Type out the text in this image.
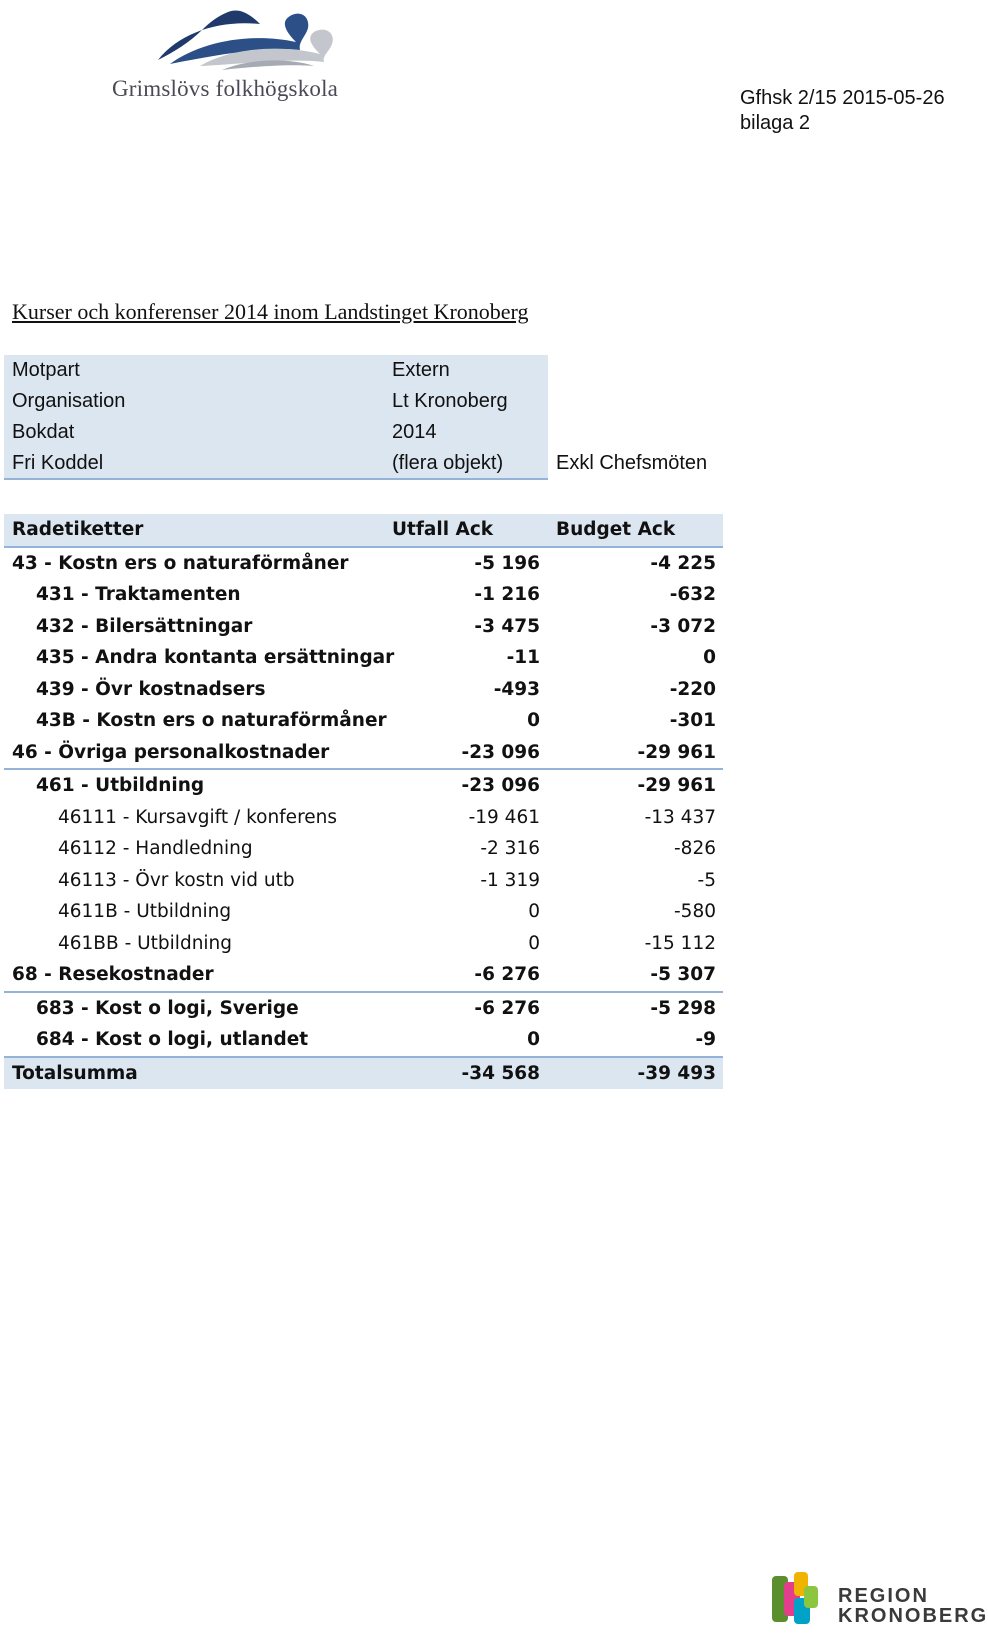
Grimslövs folkhögskola	Gfhsk 2/15 2015-05-26
bilaga 2
Kurser och konferenser 2014 inom Landstinget Kronoberg
Motpart	Extern
Organisation	Lt Kronoberg
Bokdat	2014
Fri Koddel	(flera objekt)	Exkl Chefsmöten
Radetiketter	Utfall Ack	Budget Ack
43 - Kostn ers o naturaförmåner	-5 196	-4 225
431 - Traktamenten	-1 216	-632
432 - Bilersättningar	-3 475	-3 072
435 - Andra kontanta ersättningar	-11	0
439 - Övr kostnadsers	-493	-220
43B - Kostn ers o naturaförmåner	0	-301
46 - Övriga personalkostnader	-23 096	-29 961
461 - Utbildning	-23 096	-29 961
46111 - Kursavgift / konferens	-19 461	-13 437
46112 - Handledning	-2 316	-826
46113 - Övr kostn vid utb	-1 319	-5
4611B - Utbildning	0	-580
461BB - Utbildning	0	-15 112
68 - Resekostnader	-6 276	-5 307
683 - Kost o logi, Sverige	-6 276	-5 298
684 - Kost o logi, utlandet	0	-9
Totalsumma	-34 568	-39 493
REGION
KRONOBERG
